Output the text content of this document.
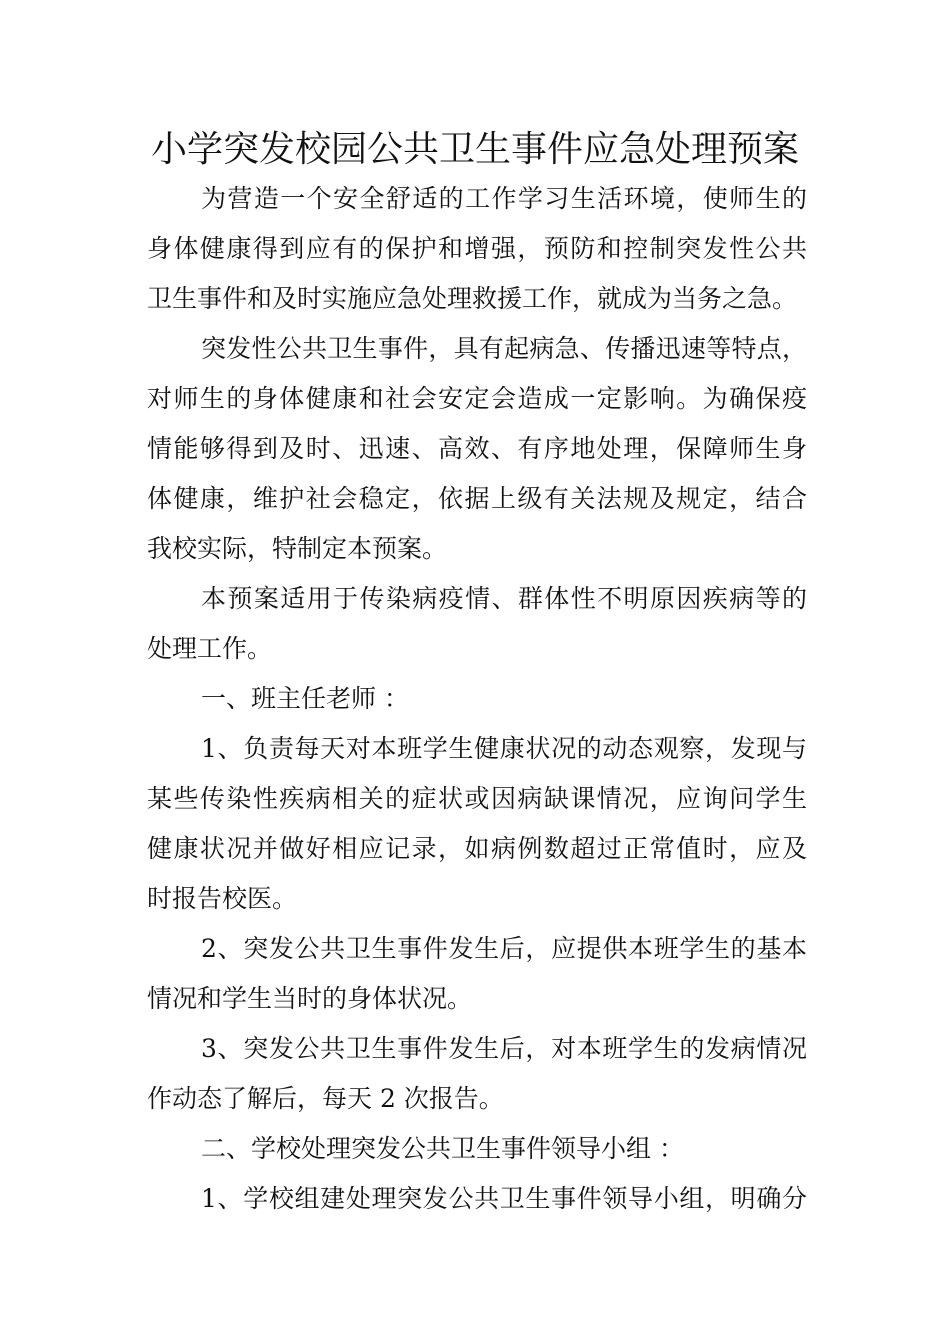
小学突发校园公共卫生事件应急处理预案
为营造一个安全舒适的工作学习生活环境，使师生的
身体健康得到应有的保护和增强，预防和控制突发性公共
卫生事件和及时实施应急处理救援工作，就成为当务之急。
突发性公共卫生事件，具有起病急、传播迅速等特点，
对师生的身体健康和社会安定会造成一定影响。为确保疫
情能够得到及时、迅速、高效、有序地处理，保障师生身
体健康，维护社会稳定，依据上级有关法规及规定，结合
我校实际，特制定本预案。
本预案适用于传染病疫情、群体性不明原因疾病等的
处理工作。
一、班主任老师 ：
1、负责每天对本班学生健康状况的动态观察，发现与
某些传染性疾病相关的症状或因病缺课情况，应询问学生
健康状况并做好相应记录，如病例数超过正常值时，应及
时报告校医。
2、突发公共卫生事件发生后，应提供本班学生的基本
情况和学生当时的身体状况。
3、突发公共卫生事件发生后，对本班学生的发病情况
作动态了解后，每天 2 次报告。
二、学校处理突发公共卫生事件领导小组 ：
1、学校组建处理突发公共卫生事件领导小组，明确分
